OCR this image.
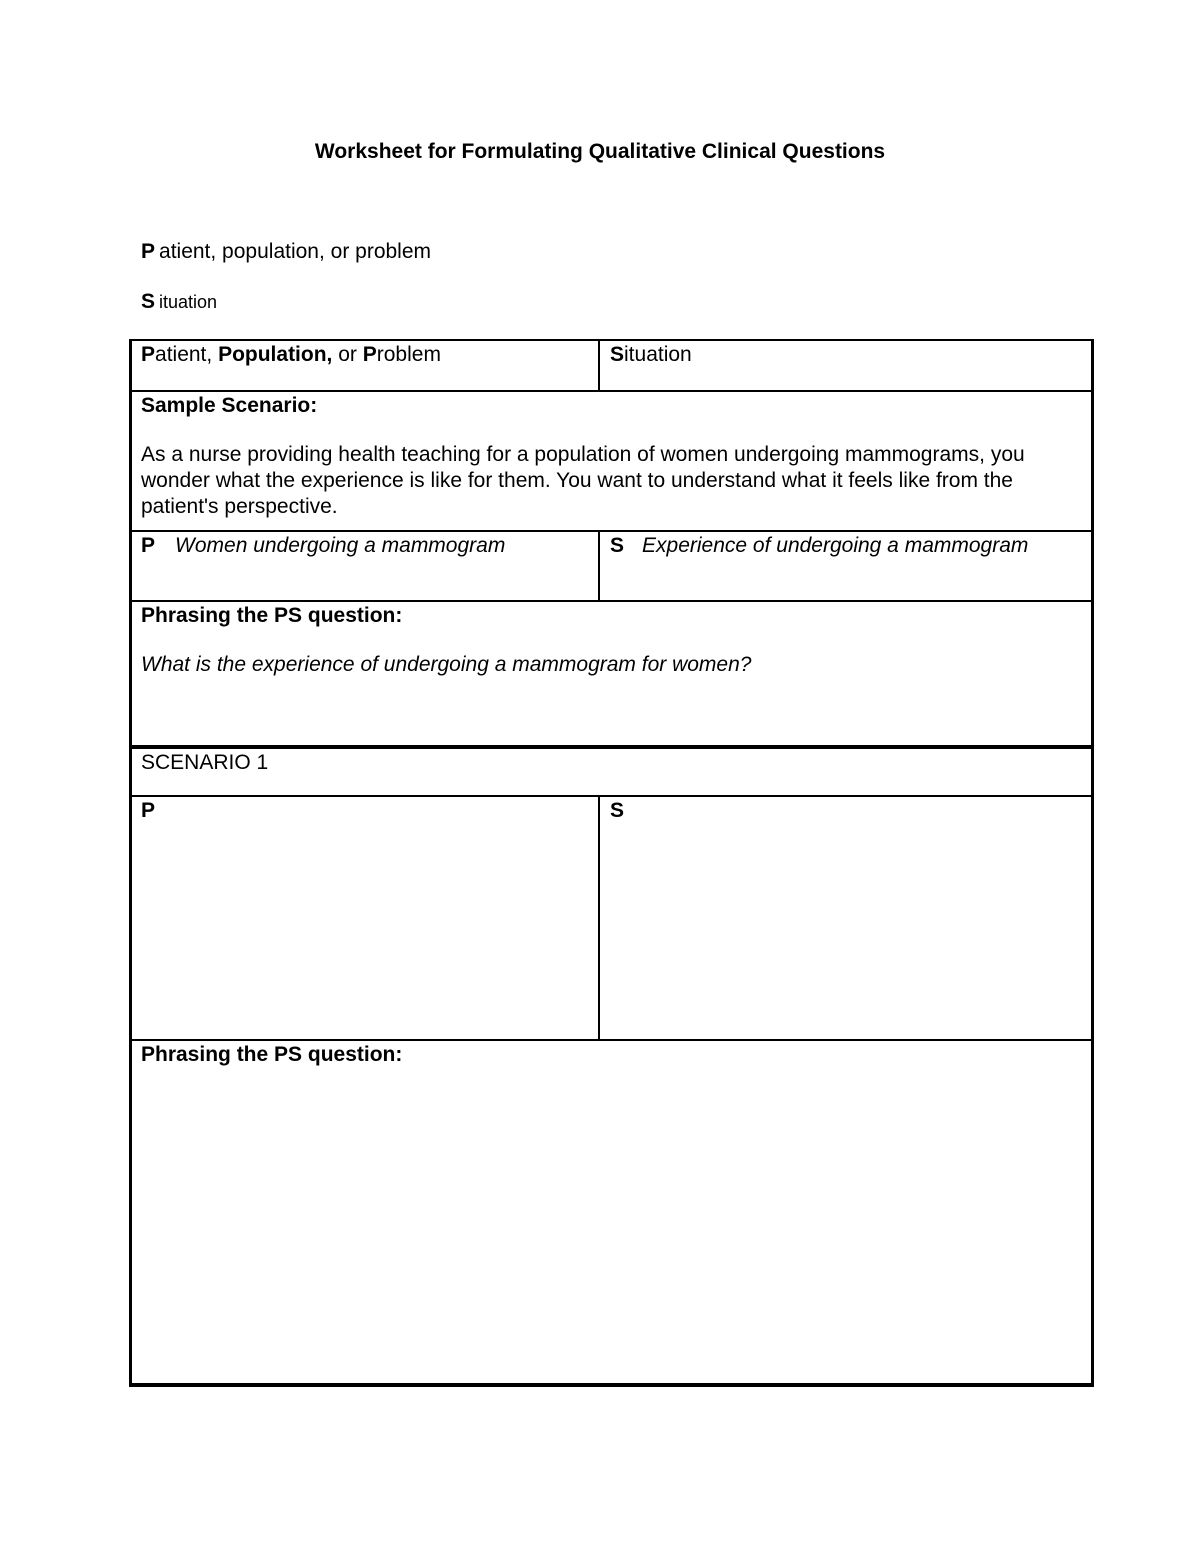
Worksheet for Formulating Qualitative Clinical Questions
P atient, population, or problem
S ituation
Patient, Population, or Problem	Situation
Sample Scenario:
As a nurse providing health teaching for a population of women undergoing mammograms, you wonder what the experience is like for them. You want to understand what it feels like from the patient's perspective.
P Women undergoing a mammogram	S Experience of undergoing a mammogram
Phrasing the PS question:
What is the experience of undergoing a mammogram for women?
SCENARIO 1
P	S
Phrasing the PS question:
